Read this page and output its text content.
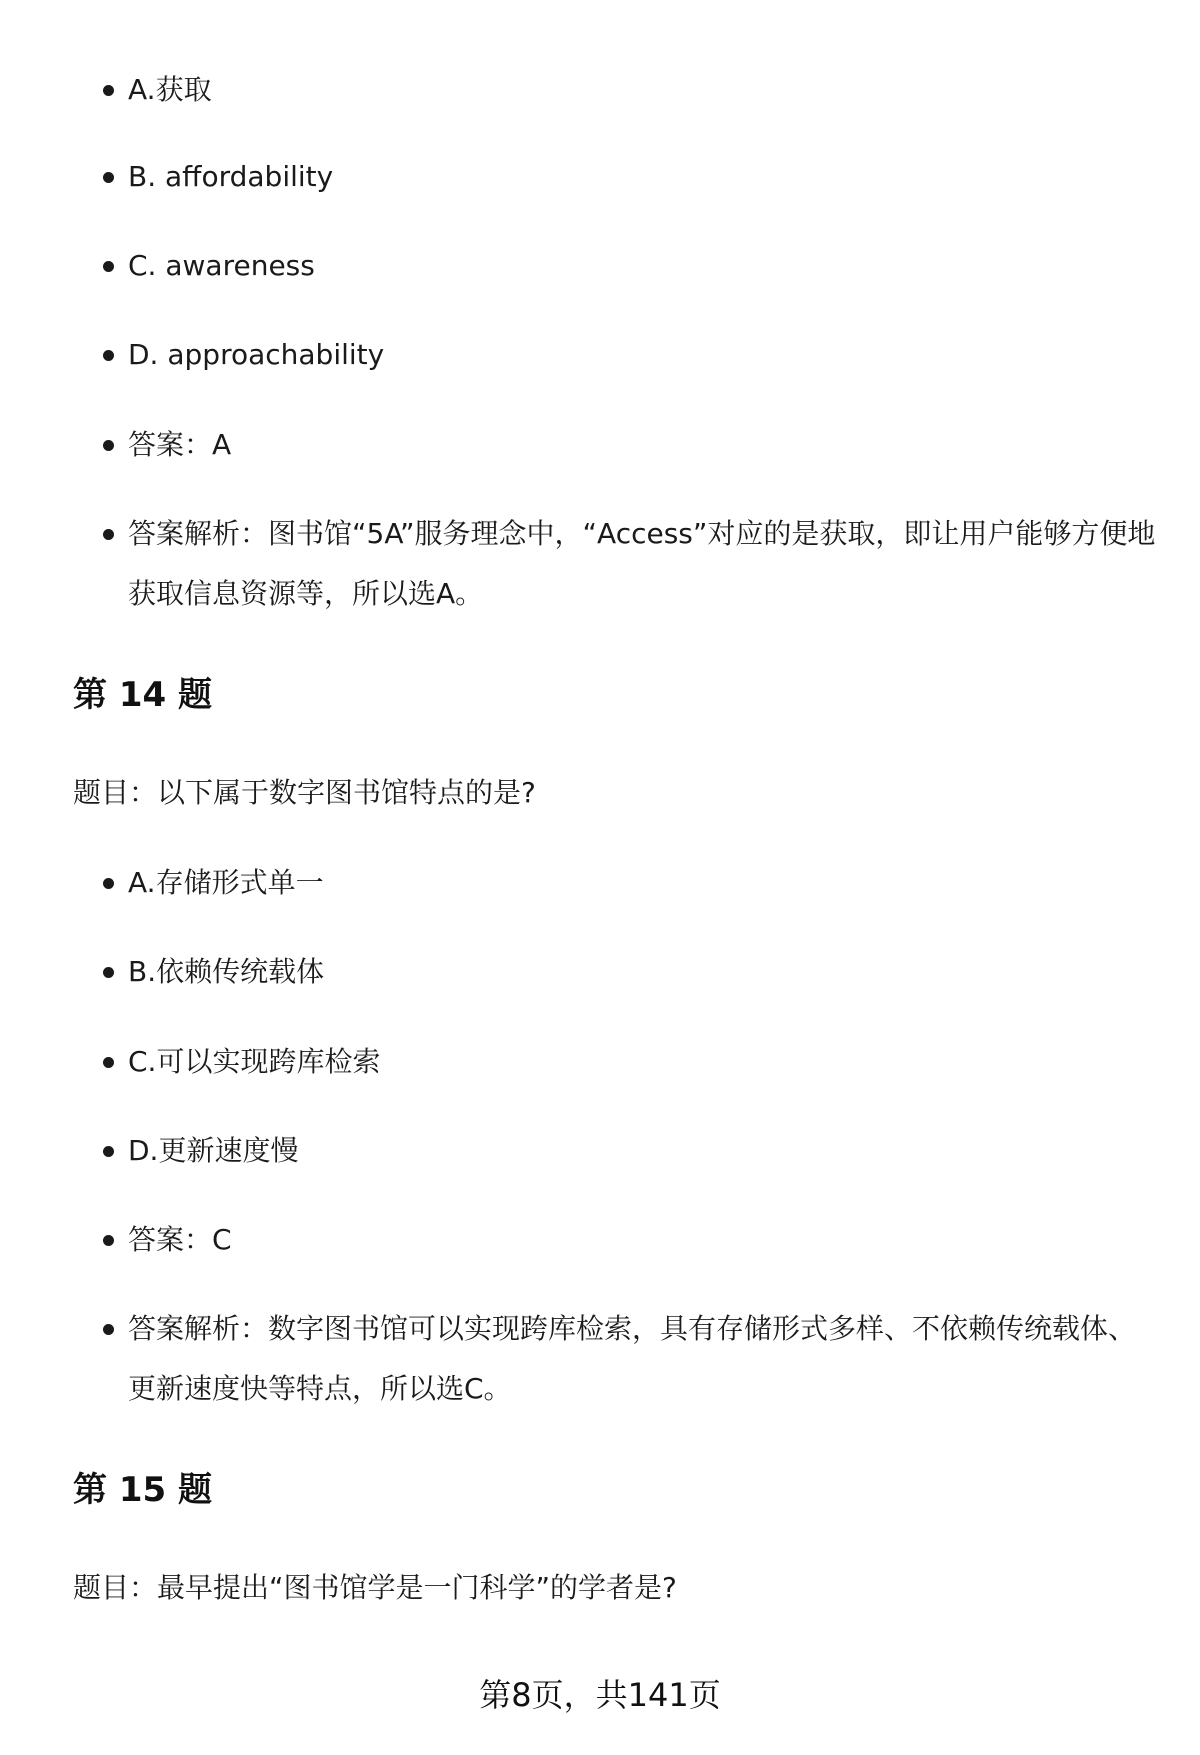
A.获取
B. affordability
C. awareness
D. approachability
答案：A
答案解析：图书馆“5A”服务理念中，“Access”对应的是获取，即让用户能够方便地获取信息资源等，所以选A。
第 14 题
题目：以下属于数字图书馆特点的是?
A.存储形式单一
B.依赖传统载体
C.可以实现跨库检索
D.更新速度慢
答案：C
答案解析：数字图书馆可以实现跨库检索，具有存储形式多样、不依赖传统载体、更新速度快等特点，所以选C。
第 15 题
题目：最早提出“图书馆学是一门科学”的学者是?
第8页，共141页
